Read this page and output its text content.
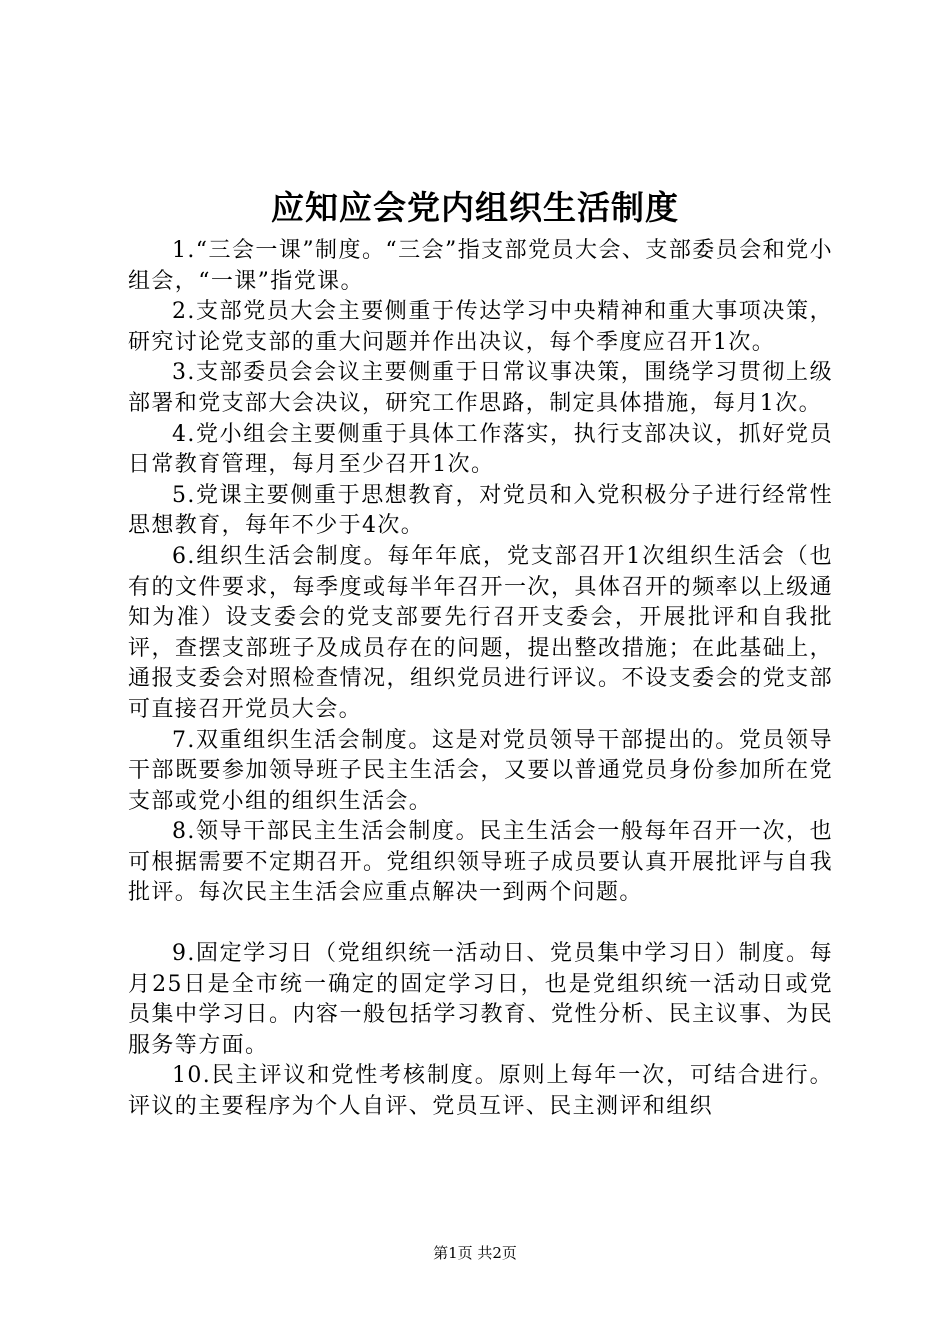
应知应会党内组织生活制度

1.“三会一课”制度。“三会”指支部党员大会、支部委员会和党小组会，“一课”指党课。

2.支部党员大会主要侧重于传达学习中央精神和重大事项决策，研究讨论党支部的重大问题并作出决议，每个季度应召开1次。

3.支部委员会会议主要侧重于日常议事决策，围绕学习贯彻上级部署和党支部大会决议，研究工作思路，制定具体措施，每月1次。

4.党小组会主要侧重于具体工作落实，执行支部决议，抓好党员日常教育管理，每月至少召开1次。

5.党课主要侧重于思想教育，对党员和入党积极分子进行经常性思想教育，每年不少于4次。

6.组织生活会制度。每年年底，党支部召开1次组织生活会（也有的文件要求，每季度或每半年召开一次，具体召开的频率以上级通知为准）设支委会的党支部要先行召开支委会，开展批评和自我批评，查摆支部班子及成员存在的问题，提出整改措施；在此基础上，通报支委会对照检查情况，组织党员进行评议。不设支委会的党支部可直接召开党员大会。

7.双重组织生活会制度。这是对党员领导干部提出的。党员领导干部既要参加领导班子民主生活会，又要以普通党员身份参加所在党支部或党小组的组织生活会。

8.领导干部民主生活会制度。民主生活会一般每年召开一次，也可根据需要不定期召开。党组织领导班子成员要认真开展批评与自我批评。每次民主生活会应重点解决一到两个问题。

9.固定学习日（党组织统一活动日、党员集中学习日）制度。每月25日是全市统一确定的固定学习日，也是党组织统一活动日或党员集中学习日。内容一般包括学习教育、党性分析、民主议事、为民服务等方面。

10.民主评议和党性考核制度。原则上每年一次，可结合进行。评议的主要程序为个人自评、党员互评、民主测评和组织

第1页 共2页
